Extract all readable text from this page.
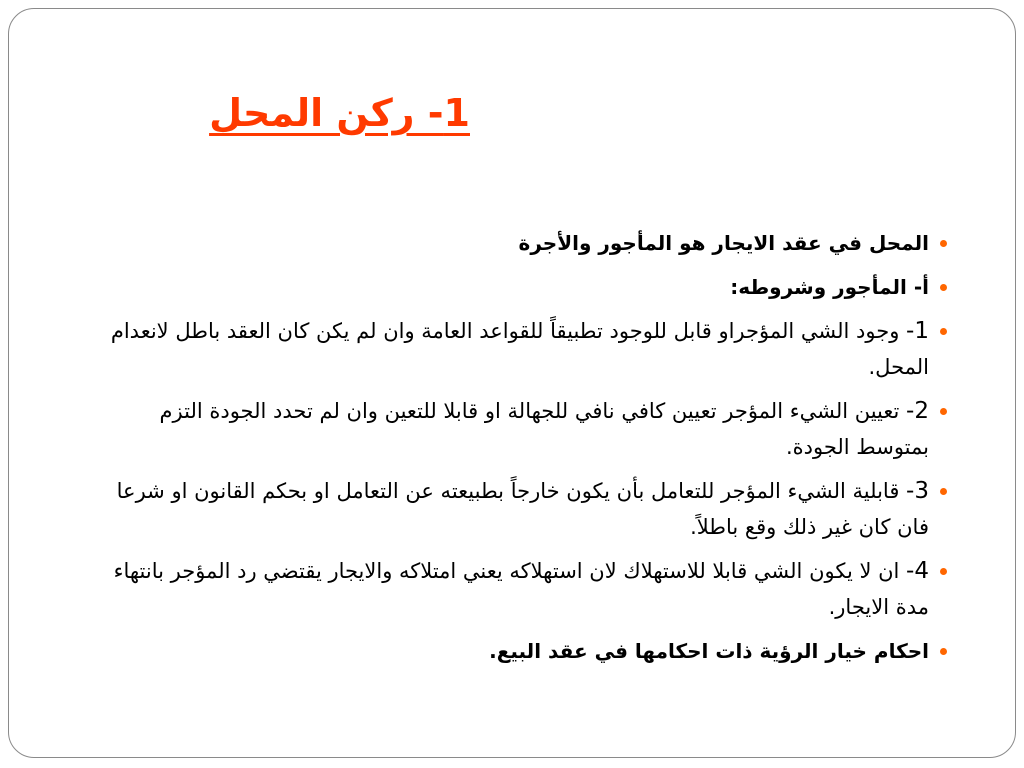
1- ركن المحل
المحل في عقد الايجار هو المأجور والأجرة
أ- المأجور وشروطه:
1- وجود الشي المؤجراو قابل للوجود تطبيقاً للقواعد العامة وان لم يكن كان العقد باطل لانعدام المحل.
2- تعيين الشيء المؤجر تعيين كافي نافي للجهالة او قابلا للتعين وان لم تحدد الجودة التزم بمتوسط الجودة.
3- قابلية الشيء المؤجر للتعامل بأن يكون خارجاً بطبيعته عن التعامل او بحكم القانون او شرعا فان كان غير ذلك وقع باطلاً.
4- ان لا يكون الشي قابلا للاستهلاك لان استهلاكه يعني امتلاكه والايجار يقتضي رد المؤجر بانتهاء مدة الايجار.
احكام خيار الرؤية ذات احكامها في عقد البيع.
